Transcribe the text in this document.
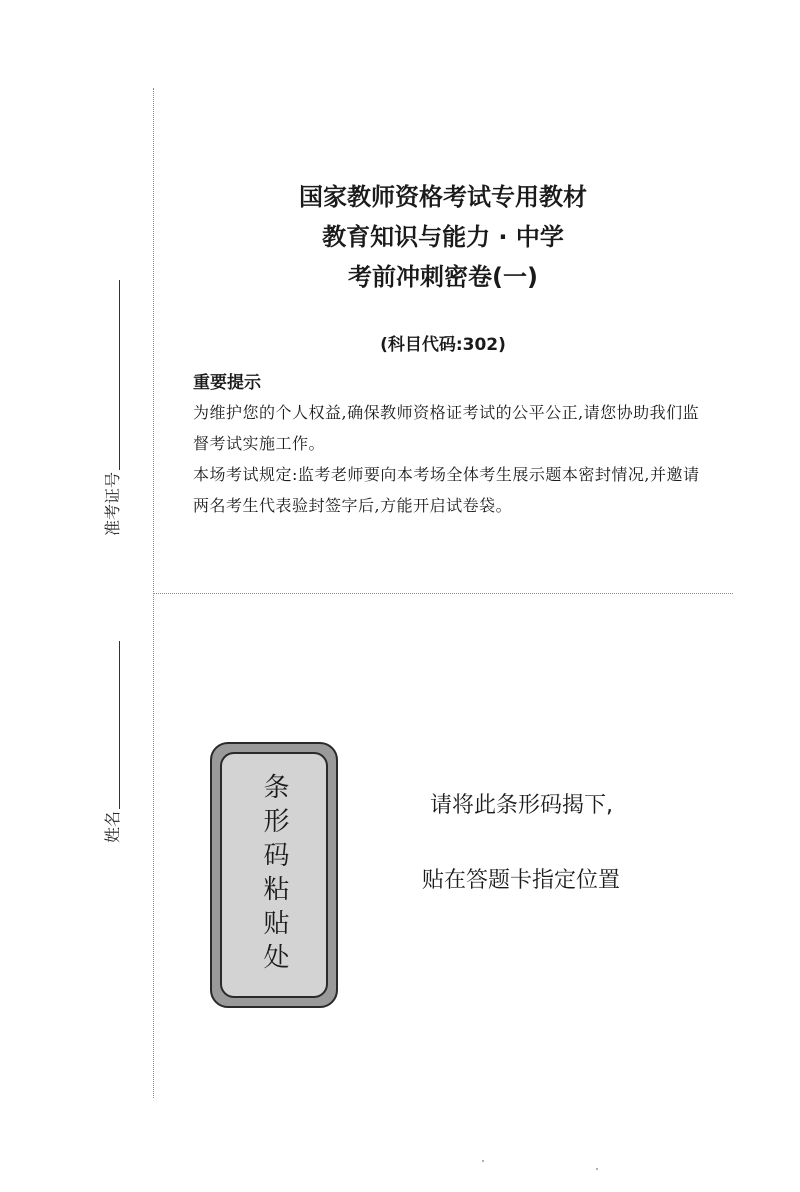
准考证号
姓名
国家教师资格考试专用教材
教育知识与能力 · 中学
考前冲刺密卷(一)
(科目代码:302)
重要提示
为维护您的个人权益,确保教师资格证考试的公平公正,请您协助我们监督考试实施工作。
本场考试规定:监考老师要向本考场全体考生展示题本密封情况,并邀请两名考生代表验封签字后,方能开启试卷袋。
条形码粘贴处	请将此条形码揭下,
贴在答题卡指定位置
